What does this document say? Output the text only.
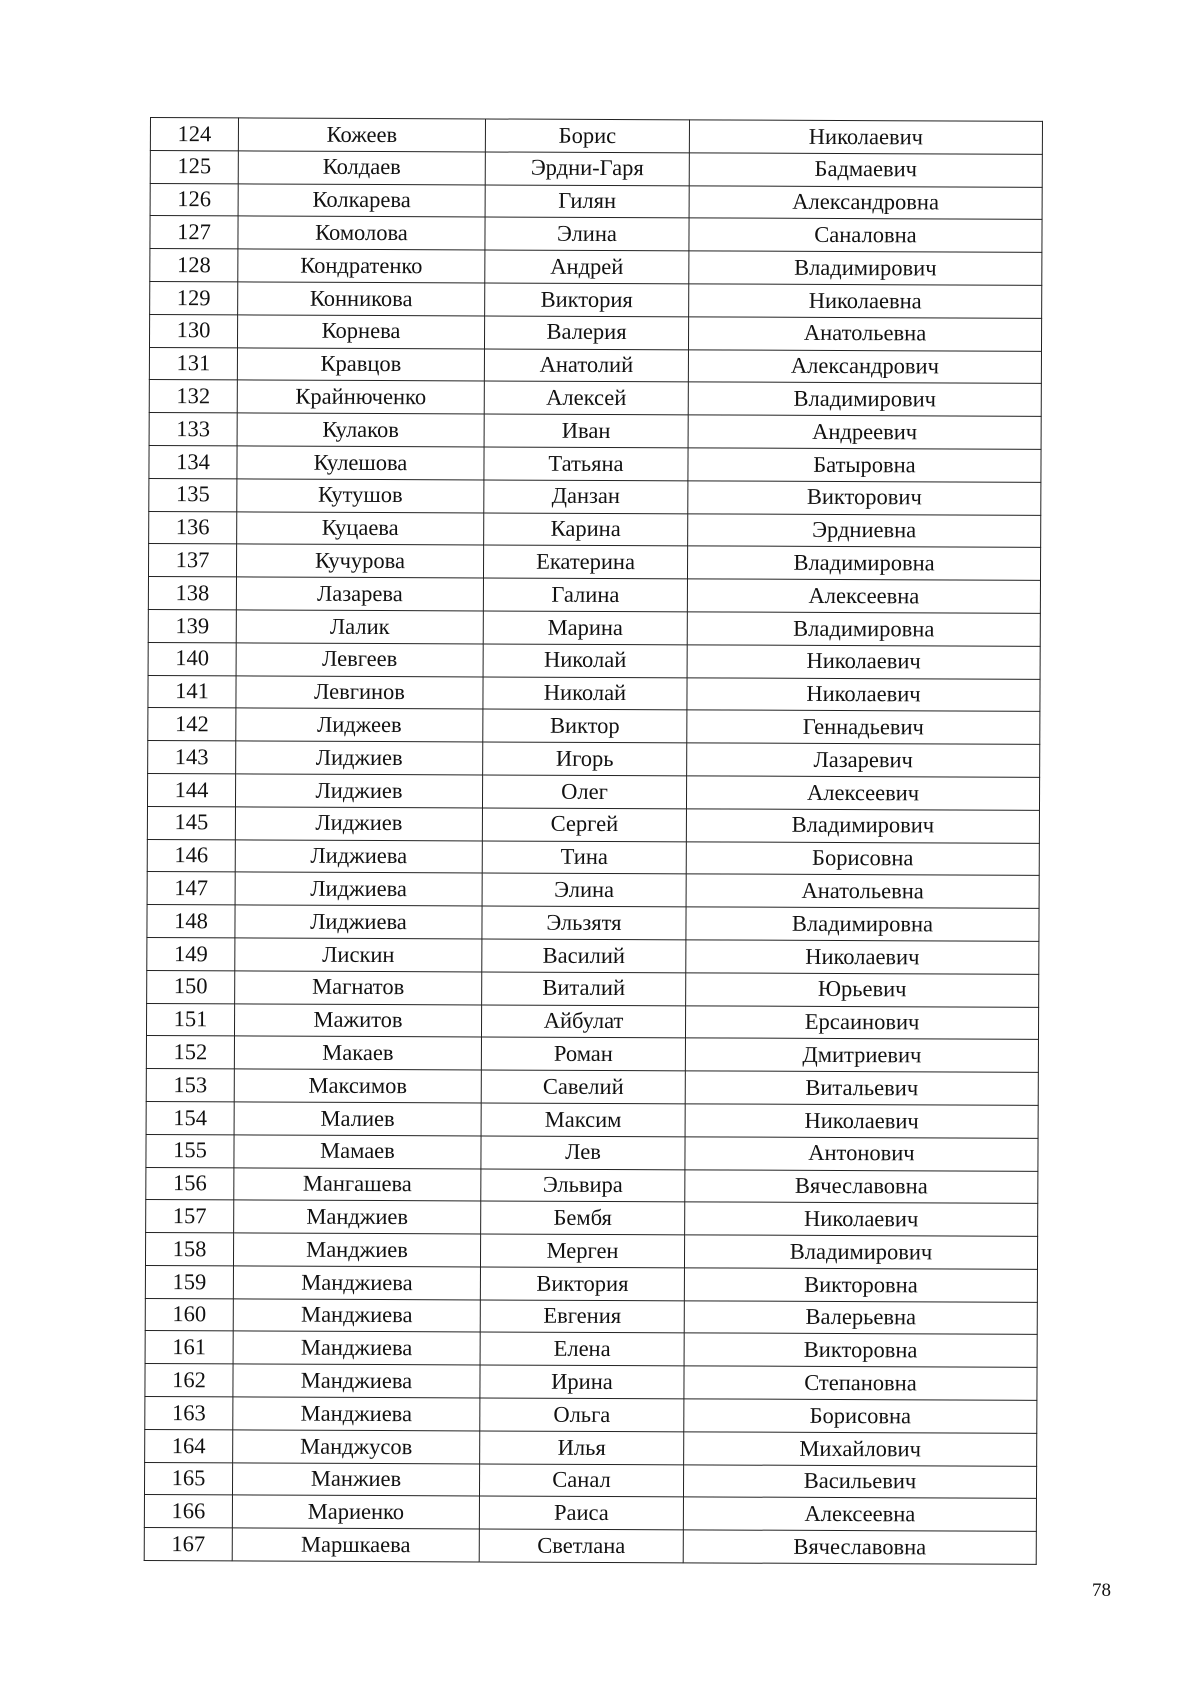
124	Кожеев	Борис	Николаевич
125	Колдаев	Эрдни-Гаря	Бадмаевич
126	Колкарева	Гилян	Александровна
127	Комолова	Элина	Саналовна
128	Кондратенко	Андрей	Владимирович
129	Конникова	Виктория	Николаевна
130	Корнева	Валерия	Анатольевна
131	Кравцов	Анатолий	Александрович
132	Крайнюченко	Алексей	Владимирович
133	Кулаков	Иван	Андреевич
134	Кулешова	Татьяна	Батыровна
135	Кутушов	Данзан	Викторович
136	Куцаева	Карина	Эрдниевна
137	Кучурова	Екатерина	Владимировна
138	Лазарева	Галина	Алексеевна
139	Лалик	Марина	Владимировна
140	Левгеев	Николай	Николаевич
141	Левгинов	Николай	Николаевич
142	Лиджеев	Виктор	Геннадьевич
143	Лиджиев	Игорь	Лазаревич
144	Лиджиев	Олег	Алексеевич
145	Лиджиев	Сергей	Владимирович
146	Лиджиева	Тина	Борисовна
147	Лиджиева	Элина	Анатольевна
148	Лиджиева	Эльзятя	Владимировна
149	Лискин	Василий	Николаевич
150	Магнатов	Виталий	Юрьевич
151	Мажитов	Айбулат	Ерсаинович
152	Макаев	Роман	Дмитриевич
153	Максимов	Савелий	Витальевич
154	Малиев	Максим	Николаевич
155	Мамаев	Лев	Антонович
156	Мангашева	Эльвира	Вячеславовна
157	Манджиев	Бембя	Николаевич
158	Манджиев	Мерген	Владимирович
159	Манджиева	Виктория	Викторовна
160	Манджиева	Евгения	Валерьевна
161	Манджиева	Елена	Викторовна
162	Манджиева	Ирина	Степановна
163	Манджиева	Ольга	Борисовна
164	Манджусов	Илья	Михайлович
165	Манжиев	Санал	Васильевич
166	Мариенко	Раиса	Алексеевна
167	Маршкаева	Светлана	Вячеславовна
78
